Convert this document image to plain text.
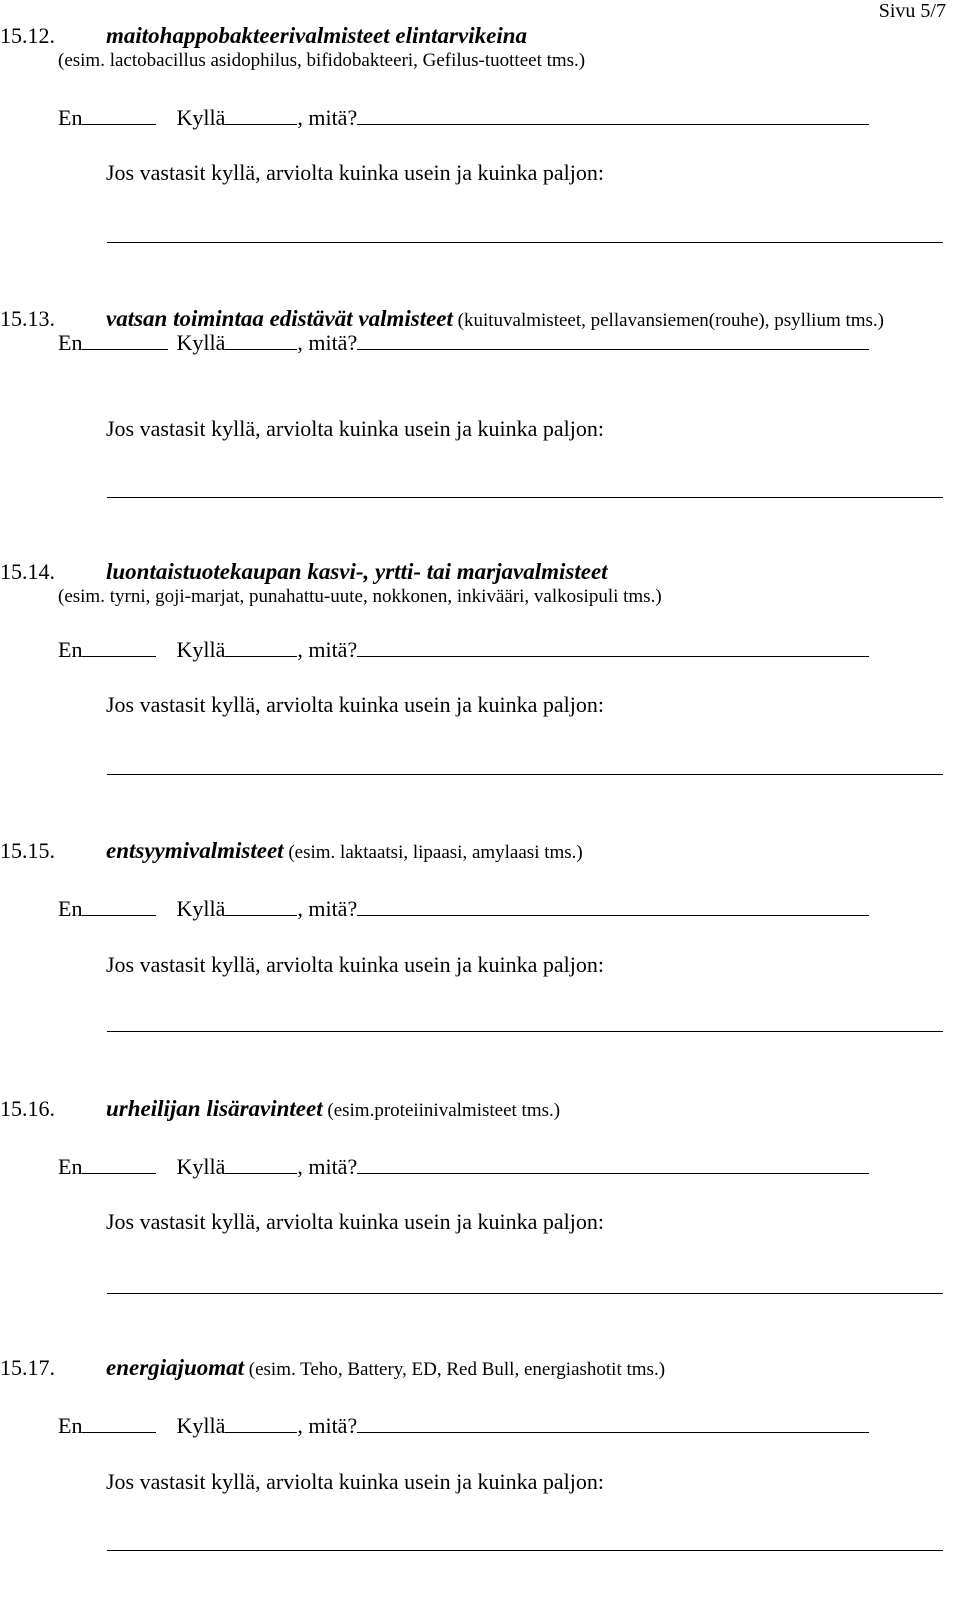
Sivu 5/7
15.12. maitohappobakteerivalmisteet elintarvikeina
(esim. lactobacillus asidophilus, bifidobakteeri, Gefilus-tuotteet tms.)
En	Kyllä	, mitä?
Jos vastasit kyllä, arviolta kuinka usein ja kuinka paljon:
15.13. vatsan toimintaa edistävät valmisteet (kuituvalmisteet, pellavansiemen(rouhe), psyllium tms.)
En	Kyllä	, mitä?
Jos vastasit kyllä, arviolta kuinka usein ja kuinka paljon:
15.14. luontaistuotekaupan kasvi-, yrtti- tai marjavalmisteet
(esim. tyrni, goji-marjat, punahattu-uute, nokkonen, inkivääri, valkosipuli tms.)
En	Kyllä	, mitä?
Jos vastasit kyllä, arviolta kuinka usein ja kuinka paljon:
15.15. entsyymivalmisteet (esim. laktaatsi, lipaasi, amylaasi tms.)
En	Kyllä	, mitä?
Jos vastasit kyllä, arviolta kuinka usein ja kuinka paljon:
15.16. urheilijan lisäravinteet (esim.proteiinivalmisteet tms.)
En	Kyllä	, mitä?
Jos vastasit kyllä, arviolta kuinka usein ja kuinka paljon:
15.17. energiajuomat (esim. Teho, Battery, ED, Red Bull, energiashotit tms.)
En	Kyllä	, mitä?
Jos vastasit kyllä, arviolta kuinka usein ja kuinka paljon:
